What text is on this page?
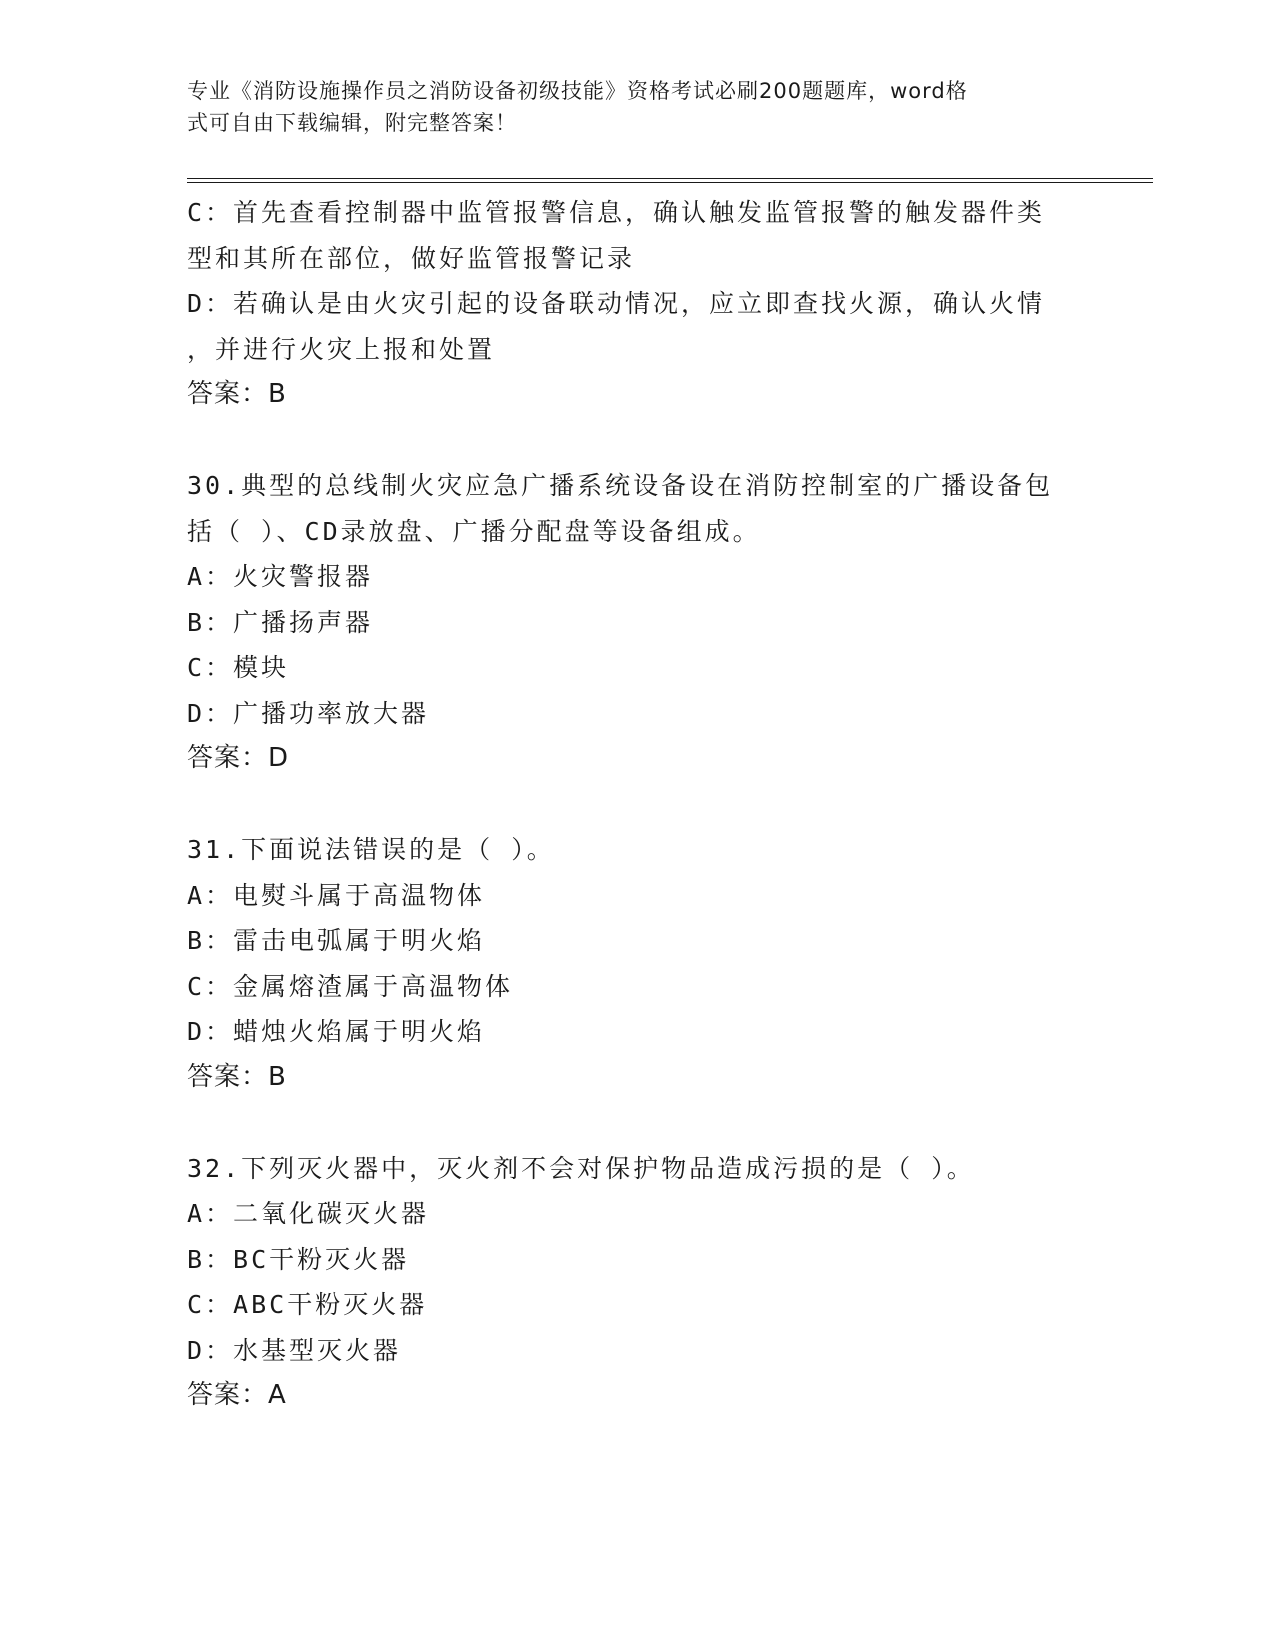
专业《消防设施操作员之消防设备初级技能》资格考试必刷200题题库，word格
式可自由下载编辑，附完整答案！
C：首先查看控制器中监管报警信息，确认触发监管报警的触发器件类
型和其所在部位，做好监管报警记录
D：若确认是由火灾引起的设备联动情况，应立即查找火源，确认火情
，并进行火灾上报和处置
答案：B
30.典型的总线制火灾应急广播系统设备设在消防控制室的广播设备包
括（ ）、CD录放盘、广播分配盘等设备组成。
A：火灾警报器
B：广播扬声器
C：模块
D：广播功率放大器
答案：D
31.下面说法错误的是（ ）。
A：电熨斗属于高温物体
B：雷击电弧属于明火焰
C：金属熔渣属于高温物体
D：蜡烛火焰属于明火焰
答案：B
32.下列灭火器中，灭火剂不会对保护物品造成污损的是（ ）。
A：二氧化碳灭火器
B：BC干粉灭火器
C：ABC干粉灭火器
D：水基型灭火器
答案：A
